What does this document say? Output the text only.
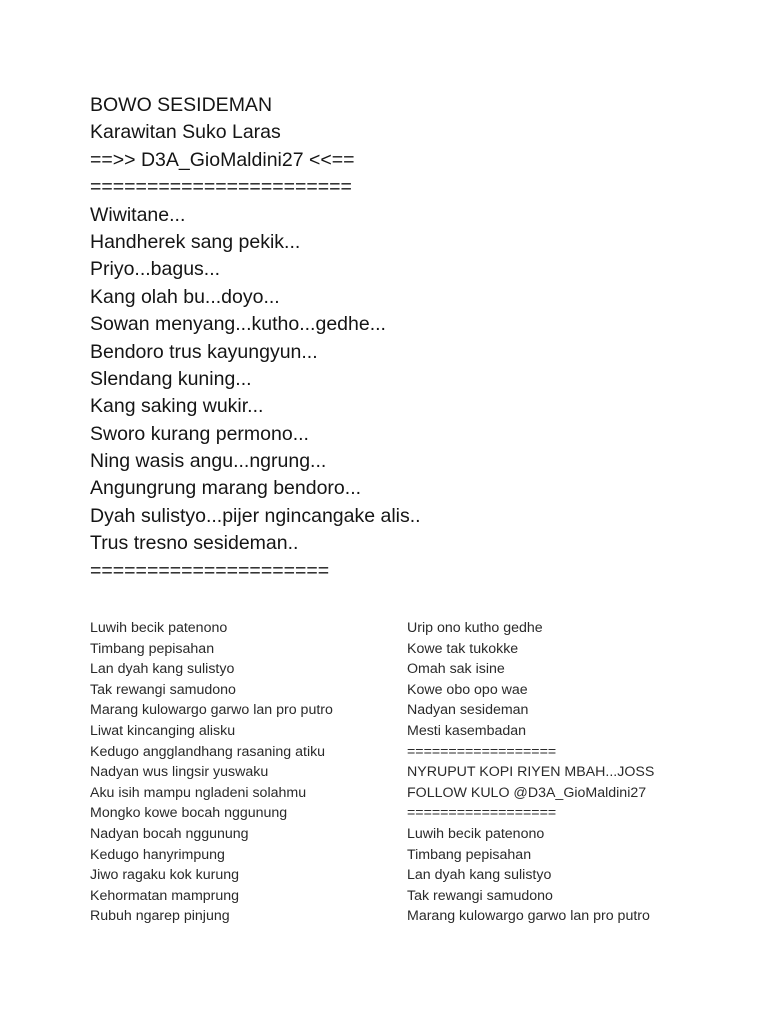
BOWO SESIDEMAN
Karawitan Suko Laras
==>> D3A_GioMaldini27 <<==
=======================
Wiwitane...
Handherek sang pekik...
Priyo...bagus...
Kang olah bu...doyo...
Sowan menyang...kutho...gedhe...
Bendoro trus kayungyun...
Slendang kuning...
Kang saking wukir...
Sworo kurang permono...
Ning wasis angu...ngrung...
Angungrung marang bendoro...
Dyah sulistyo...pijer ngincangake alis..
Trus tresno sesideman..
=====================
Luwih becik patenono
Timbang pepisahan
Lan dyah kang sulistyo
Tak rewangi samudono
Marang kulowargo garwo lan pro putro
Liwat kincanging alisku
Kedugo angglandhang rasaning atiku
Nadyan wus lingsir yuswaku
Aku isih mampu ngladeni solahmu
Mongko kowe bocah nggunung
Nadyan bocah nggunung
Kedugo hanyrimpung
Jiwo ragaku kok kurung
Kehormatan mamprung
Rubuh ngarep pinjung
Urip ono kutho gedhe
Kowe tak tukokke
Omah sak isine
Kowe obo opo wae
Nadyan sesideman
Mesti kasembadan
==================
NYRUPUT KOPI RIYEN MBAH...JOSS
FOLLOW KULO @D3A_GioMaldini27
==================
Luwih becik patenono
Timbang pepisahan
Lan dyah kang sulistyo
Tak rewangi samudono
Marang kulowargo garwo lan pro putro
